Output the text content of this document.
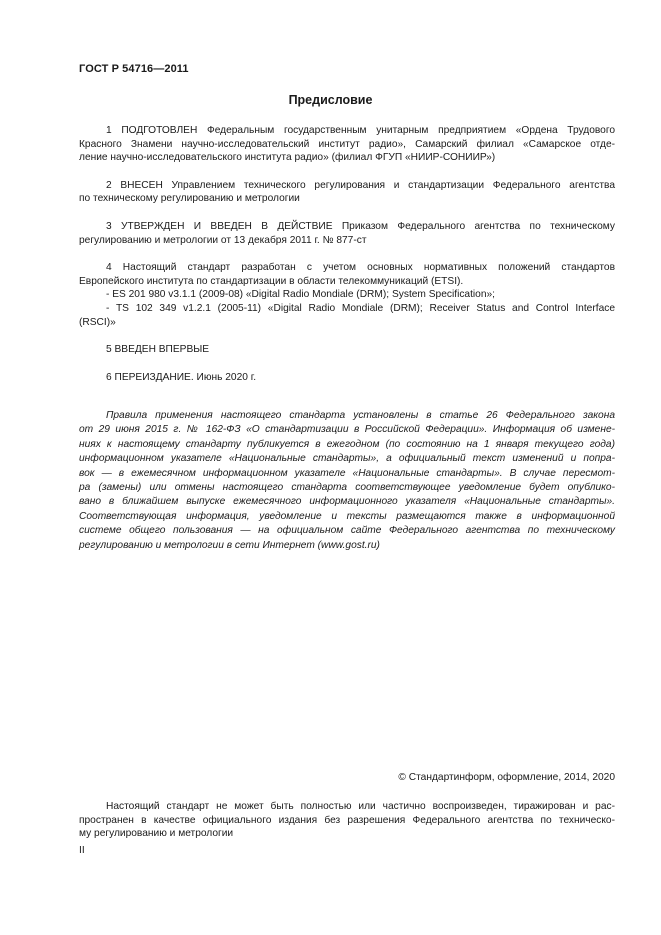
ГОСТ Р 54716—2011
Предисловие
1 ПОДГОТОВЛЕН Федеральным государственным унитарным предприятием «Ордена Трудового
Красного Знамени научно-исследовательский институт радио», Самарский филиал «Самарское отде-
ление научно-исследовательского института радио» (филиал ФГУП «НИИР-СОНИИР»)
2 ВНЕСЕН Управлением технического регулирования и стандартизации Федерального агентства
по техническому регулированию и метрологии
3 УТВЕРЖДЕН И ВВЕДЕН В ДЕЙСТВИЕ Приказом Федерального агентства по техническому
регулированию и метрологии от 13 декабря 2011 г. № 877-ст
4 Настоящий стандарт разработан с учетом основных нормативных положений стандартов
Европейского института по стандартизации в области телекоммуникаций (ETSI).
- ES 201 980 v3.1.1 (2009-08) «Digital Radio Mondiale (DRM); System Specification»;
- TS 102 349 v1.2.1 (2005-11) «Digital Radio Mondiale (DRM); Receiver Status and Control Interface
(RSCI)»
5 ВВЕДЕН ВПЕРВЫЕ
6 ПЕРЕИЗДАНИЕ. Июнь 2020 г.
Правила применения настоящего стандарта установлены в статье 26 Федерального закона
от 29 июня 2015 г. № 162-ФЗ «О стандартизации в Российской Федерации». Информация об измене-
ниях к настоящему стандарту публикуется в ежегодном (по состоянию на 1 января текущего года)
информационном указателе «Национальные стандарты», а официальный текст изменений и попра-
вок — в ежемесячном информационном указателе «Национальные стандарты». В случае пересмот-
ра (замены) или отмены настоящего стандарта соответствующее уведомление будет опублико-
вано в ближайшем выпуске ежемесячного информационного указателя «Национальные стандарты».
Соответствующая информация, уведомление и тексты размещаются также в информационной
системе общего пользования — на официальном сайте Федерального агентства по техническому
регулированию и метрологии в сети Интернет (www.gost.ru)
© Стандартинформ, оформление, 2014, 2020
Настоящий стандарт не может быть полностью или частично воспроизведен, тиражирован и рас-
пространен в качестве официального издания без разрешения Федерального агентства по техническо-
му регулированию и метрологии
II
